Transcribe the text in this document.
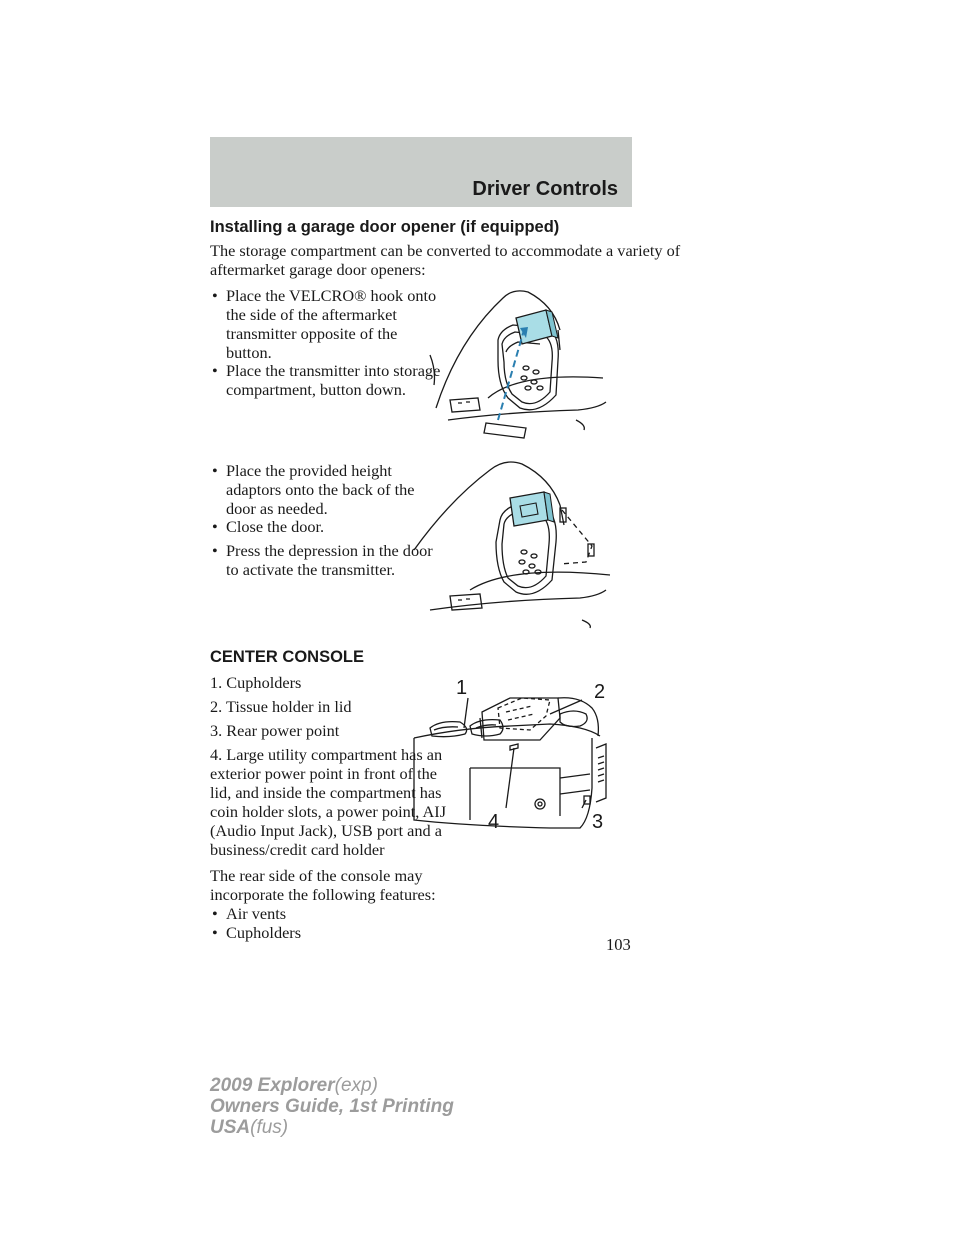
Driver Controls
Installing a garage door opener (if equipped)

The storage compartment can be converted to accommodate a variety of

aftermarket garage door openers:

• Place the VELCRO® hook onto
the side of the aftermarket
transmitter opposite of the
button.
• Place the transmitter into storage
compartment, button down.
• Place the provided height
adaptors onto the back of the
door as needed.
• Close the door.
• Press the depression in the door
to activate the transmitter.
CENTER CONSOLE

1. Cupholders

2. Tissue holder in lid

3. Rear power point

4. Large utility compartment has an
exterior power point in front of the
lid, and inside the compartment has
coin holder slots, a power point, AIJ
(Audio Input Jack), USB port and a
business/credit card holder
The rear side of the console may
incorporate the following features:
• Air vents
• Cupholders
1	2
3
4
103
2009 Explorer(exp)
Owners Guide, 1st Printing
USA(fus)
